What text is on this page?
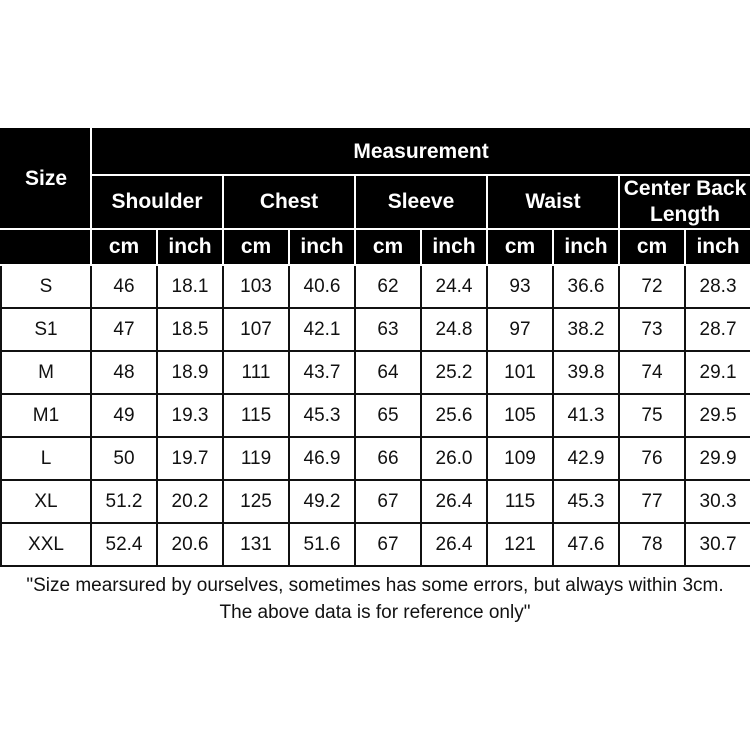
Size	Measurement									
	Shoulder		Chest		Sleeve		Waist		Center Back Length	
	cm	inch	cm	inch	cm	inch	cm	inch	cm	inch
S	46	18.1	103	40.6	62	24.4	93	36.6	72	28.3
S1	47	18.5	107	42.1	63	24.8	97	38.2	73	28.7
M	48	18.9	111	43.7	64	25.2	101	39.8	74	29.1
M1	49	19.3	115	45.3	65	25.6	105	41.3	75	29.5
L	50	19.7	119	46.9	66	26.0	109	42.9	76	29.9
XL	51.2	20.2	125	49.2	67	26.4	115	45.3	77	30.3
XXL	52.4	20.6	131	51.6	67	26.4	121	47.6	78	30.7

"Size mearsured by ourselves, sometimes has some errors, but always within 3cm.

The above data is for reference only"
